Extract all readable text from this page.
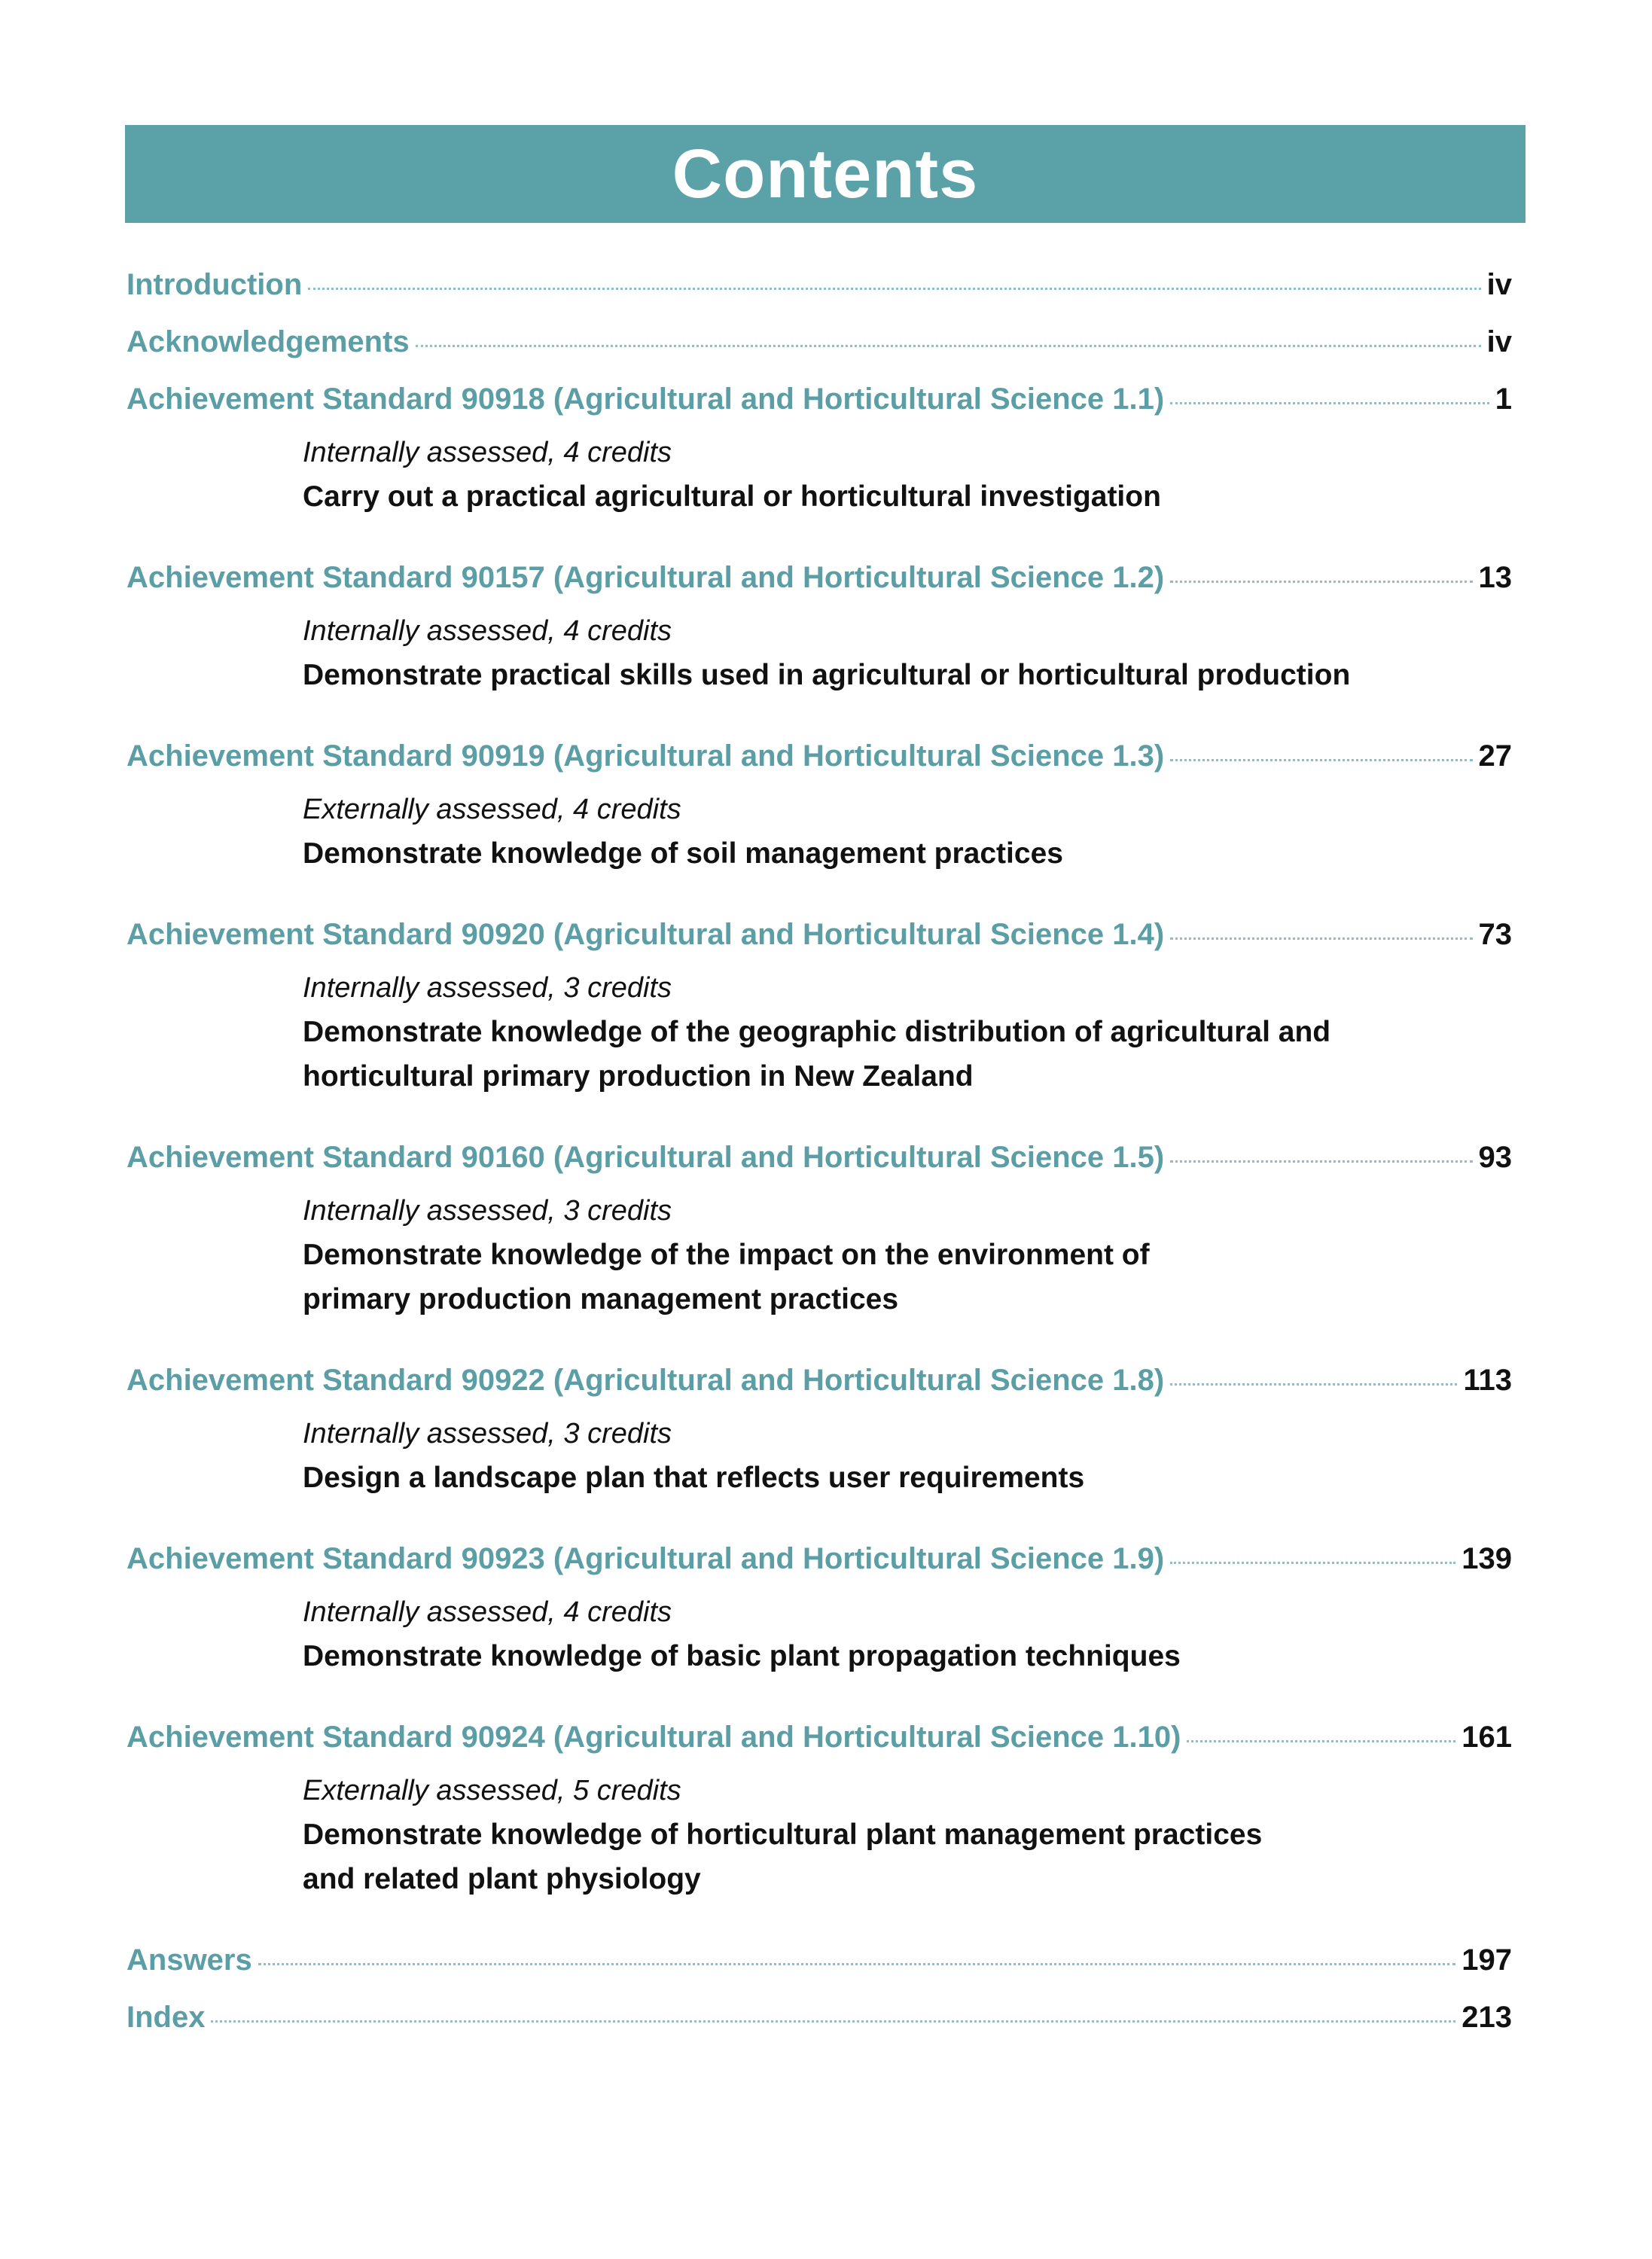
Contents
Introduction	iv
Acknowledgements	iv
Achievement Standard 90918 (Agricultural and Horticultural Science 1.1)	1
Internally assessed, 4 credits
Carry out a practical agricultural or horticultural investigation
Achievement Standard 90157 (Agricultural and Horticultural Science 1.2)	13
Internally assessed, 4 credits
Demonstrate practical skills used in agricultural or horticultural production
Achievement Standard 90919 (Agricultural and Horticultural Science 1.3)	27
Externally assessed, 4 credits
Demonstrate knowledge of soil management practices
Achievement Standard 90920 (Agricultural and Horticultural Science 1.4)	73
Internally assessed, 3 credits
Demonstrate knowledge of the geographic distribution of agricultural and
horticultural primary production in New Zealand
Achievement Standard 90160 (Agricultural and Horticultural Science 1.5)	93
Internally assessed, 3 credits
Demonstrate knowledge of the impact on the environment of
primary production management practices
Achievement Standard 90922 (Agricultural and Horticultural Science 1.8)	113
Internally assessed, 3 credits
Design a landscape plan that reflects user requirements
Achievement Standard 90923 (Agricultural and Horticultural Science 1.9)	139
Internally assessed, 4 credits
Demonstrate knowledge of basic plant propagation techniques
Achievement Standard 90924 (Agricultural and Horticultural Science 1.10)	161
Externally assessed, 5 credits
Demonstrate knowledge of horticultural plant management practices
and related plant physiology
Answers	197
Index	213
